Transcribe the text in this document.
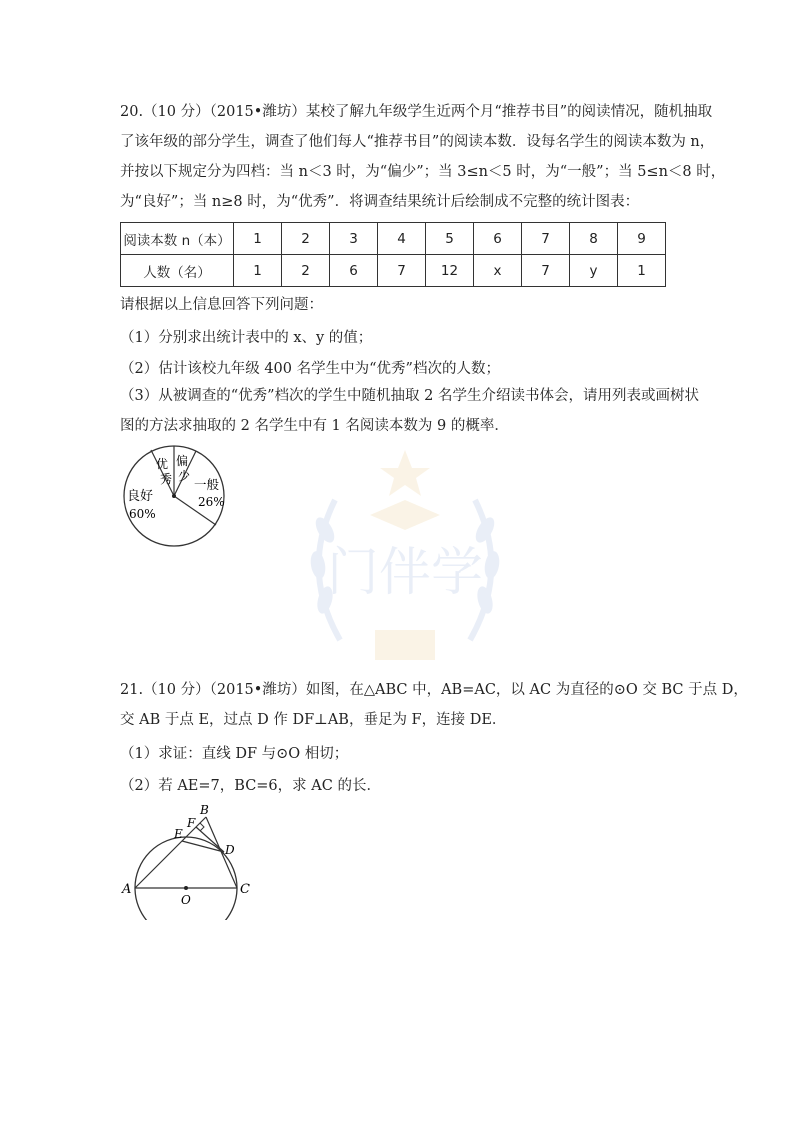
门伴学
20.（10 分）（2015•潍坊）某校了解九年级学生近两个月“推荐书目”的阅读情况，随机抽取
了该年级的部分学生，调查了他们每人“推荐书目”的阅读本数．设每名学生的阅读本数为 n，
并按以下规定分为四档：当 n＜3 时，为“偏少”；当 3≤n＜5 时，为“一般”；当 5≤n＜8 时，
为“良好”；当 n≥8 时，为“优秀”．将调查结果统计后绘制成不完整的统计图表：
阅读本数 n（本）	1	2	3	4	5	6	7	8	9
人数（名）	1	2	6	7	12	x	7	y	1
请根据以上信息回答下列问题：
（1）分别求出统计表中的 x、y 的值；
（2）估计该校九年级 400 名学生中为“优秀”档次的人数；
（3）从被调查的“优秀”档次的学生中随机抽取 2 名学生介绍读书体会，请用列表或画树状
图的方法求抽取的 2 名学生中有 1 名阅读本数为 9 的概率．
优
秀
偏
少
一般
26%
良好
60%
21.（10 分）（2015•潍坊）如图，在△ABC 中，AB=AC，以 AC 为直径的⊙O 交 BC 于点 D，
交 AB 于点 E，过点 D 作 DF⊥AB，垂足为 F，连接 DE．
（1）求证：直线 DF 与⊙O 相切；
（2）若 AE=7，BC=6，求 AC 的长．
A
B
C
D
E
F
O
